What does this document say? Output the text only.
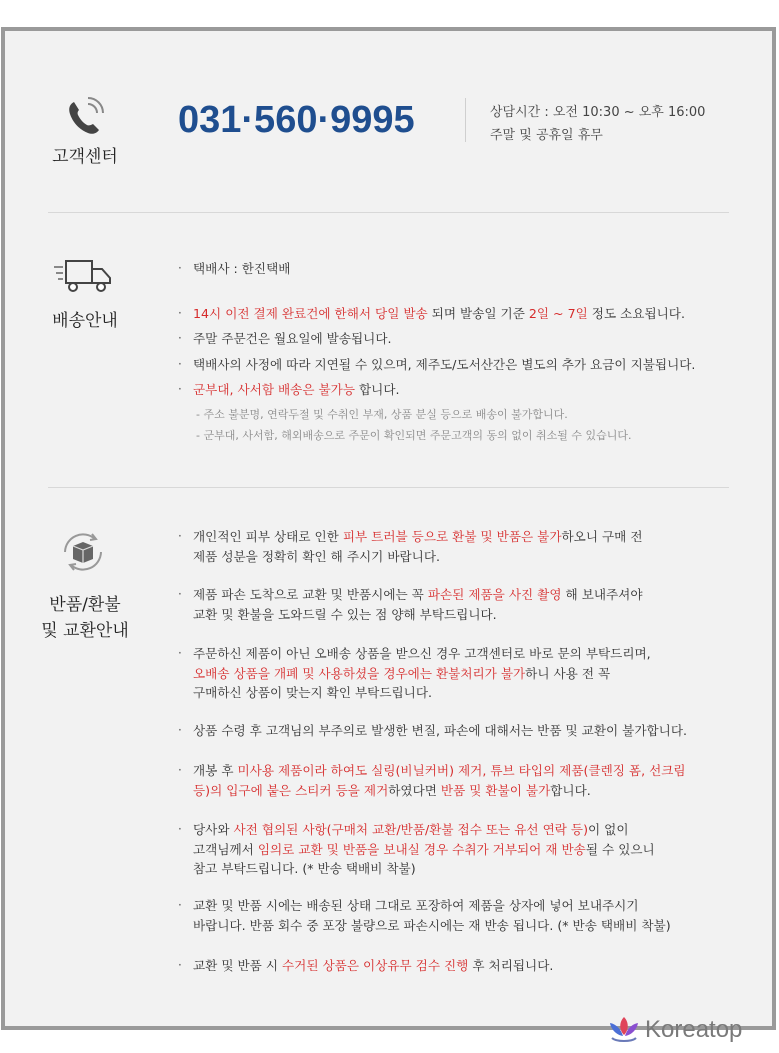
고객센터
031·560·9995	상담시간 : 오전 10:30 ~ 오후 16:00
주말 및 공휴일 휴무
배송안내
· 택배사 : 한진택배
· 14시 이전 결제 완료건에 한해서 당일 발송 되며 발송일 기준 2일 ~ 7일 정도 소요됩니다.
· 주말 주문건은 월요일에 발송됩니다.
· 택배사의 사정에 따라 지연될 수 있으며, 제주도/도서산간은 별도의 추가 요금이 지불됩니다.
· 군부대, 사서함 배송은 불가능 합니다.
- 주소 불분명, 연락두절 및 수취인 부재, 상품 분실 등으로 배송이 불가합니다.
- 군부대, 사서함, 해외배송으로 주문이 확인되면 주문고객의 동의 없이 취소될 수 있습니다.
반품/환불
및 교환안내
· 개인적인 피부 상태로 인한 피부 트러블 등으로 환불 및 반품은 불가하오니 구매 전
제품 성분을 정확히 확인 해 주시기 바랍니다.
· 제품 파손 도착으로 교환 및 반품시에는 꼭 파손된 제품을 사진 촬영 해 보내주셔야
교환 및 환불을 도와드릴 수 있는 점 양해 부탁드립니다.
· 주문하신 제품이 아닌 오배송 상품을 받으신 경우 고객센터로 바로 문의 부탁드리며,
오배송 상품을 개폐 및 사용하셨을 경우에는 환불처리가 불가하니 사용 전 꼭
구매하신 상품이 맞는지 확인 부탁드립니다.
· 상품 수령 후 고객님의 부주의로 발생한 변질, 파손에 대해서는 반품 및 교환이 불가합니다.
· 개봉 후 미사용 제품이라 하여도 실링(비닐커버) 제거, 튜브 타입의 제품(클렌징 폼, 선크림
등)의 입구에 붙은 스티커 등을 제거하였다면 반품 및 환불이 불가합니다.
· 당사와 사전 협의된 사항(구매처 교환/반품/환불 접수 또는 유선 연락 등)이 없이
고객님께서 임의로 교환 및 반품을 보내실 경우 수취가 거부되어 재 반송될 수 있으니
참고 부탁드립니다. (* 반송 택배비 착불)
· 교환 및 반품 시에는 배송된 상태 그대로 포장하여 제품을 상자에 넣어 보내주시기
바랍니다. 반품 회수 중 포장 불량으로 파손시에는 재 반송 됩니다. (* 반송 택배비 착불)
· 교환 및 반품 시 수거된 상품은 이상유무 검수 진행 후 처리됩니다.
Koreatop
